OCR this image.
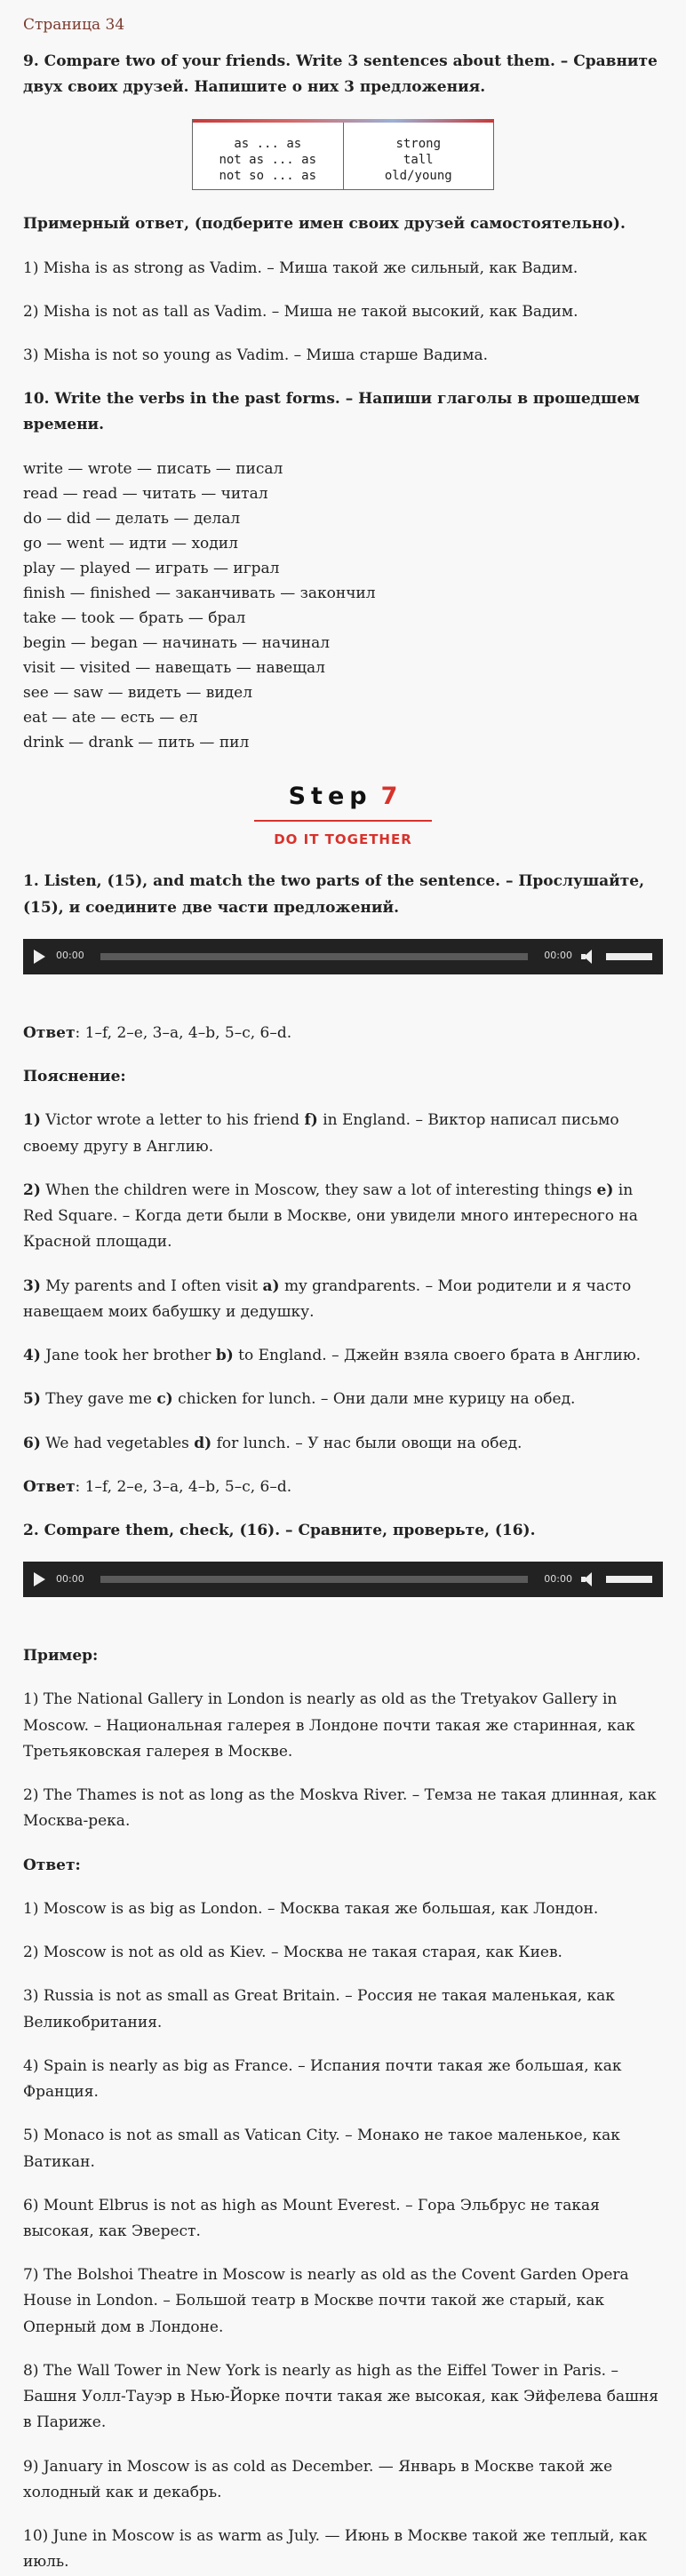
Страница 34
9. Compare two of your friends. Write 3 sentences about them. – Сравните двух своих друзей. Напишите о них 3 предложения.
as ... as
not as ... as
not so ... as
strong
tall
old/young
Примерный ответ, (подберите имен своих друзей самостоятельно).

1) Misha is as strong as Vadim. – Миша такой же сильный, как Вадим.

2) Misha is not as tall as Vadim. – Миша не такой высокий, как Вадим.

3) Misha is not so young as Vadim. – Миша старше Вадима.

10. Write the verbs in the past forms. – Напиши глаголы в прошедшем времени.
write — wrote — писать — писал
read — read — читать — читал
do — did — делать — делал
go — went — идти — ходил
play — played — играть — играл
finish — finished — заканчивать — закончил
take — took — брать — брал
begin — began — начинать — начинал
visit — visited — навещать — навещал
see — saw — видеть — видел
eat — ate — есть — ел
drink — drank — пить — пил
Step 7
DO IT TOGETHER
1. Listen, (15), and match the two parts of the sentence. – Прослушайте, (15), и соедините две части предложений.
00:00	00:00

Ответ: 1–f, 2–e, 3–a, 4–b, 5–c, 6–d.

Пояснение:

1) Victor wrote a letter to his friend f) in England. – Виктор написал письмо своему другу в Англию.

2) When the children were in Moscow, they saw a lot of interesting things e) in Red Square. – Когда дети были в Москве, они увидели много интересного на Красной площади.

3) My parents and I often visit a) my grandparents. – Мои родители и я часто навещаем моих бабушку и дедушку.

4) Jane took her brother b) to England. – Джейн взяла своего брата в Англию.

5) They gave me c) chicken for lunch. – Они дали мне курицу на обед.

6) We had vegetables d) for lunch. – У нас были овощи на обед.

Ответ: 1–f, 2–e, 3–a, 4–b, 5–c, 6–d.

2. Compare them, check, (16). – Сравните, проверьте, (16).
00:00	00:00

Пример:

1) The National Gallery in London is nearly as old as the Tretyakov Gallery in Moscow. – Национальная галерея в Лондоне почти такая же старинная, как Третьяковская галерея в Москве.

2) The Thames is not as long as the Moskva River. – Темза не такая длинная, как Москва-река.

Ответ:

1) Moscow is as big as London. – Москва такая же большая, как Лондон.

2) Moscow is not as old as Kiev. – Москва не такая старая, как Киев.

3) Russia is not as small as Great Britain. – Россия не такая маленькая, как Великобритания.

4) Spain is nearly as big as France. – Испания почти такая же большая, как Франция.

5) Monaco is not as small as Vatican City. – Монако не такое маленькое, как Ватикан.

6) Mount Elbrus is not as high as Mount Everest. – Гора Эльбрус не такая высокая, как Эверест.

7) The Bolshoi Theatre in Moscow is nearly as old as the Covent Garden Opera House in London. – Большой театр в Москве почти такой же старый, как Оперный дом в Лондоне.

8) The Wall Tower in New York is nearly as high as the Eiffel Tower in Paris. – Башня Уолл-Тауэр в Нью-Йорке почти такая же высокая, как Эйфелева башня в Париже.

9) January in Moscow is as cold as December. — Январь в Москве такой же холодный как и декабрь.

10) June in Moscow is as warm as July. — Июнь в Москве такой же теплый, как июль.
